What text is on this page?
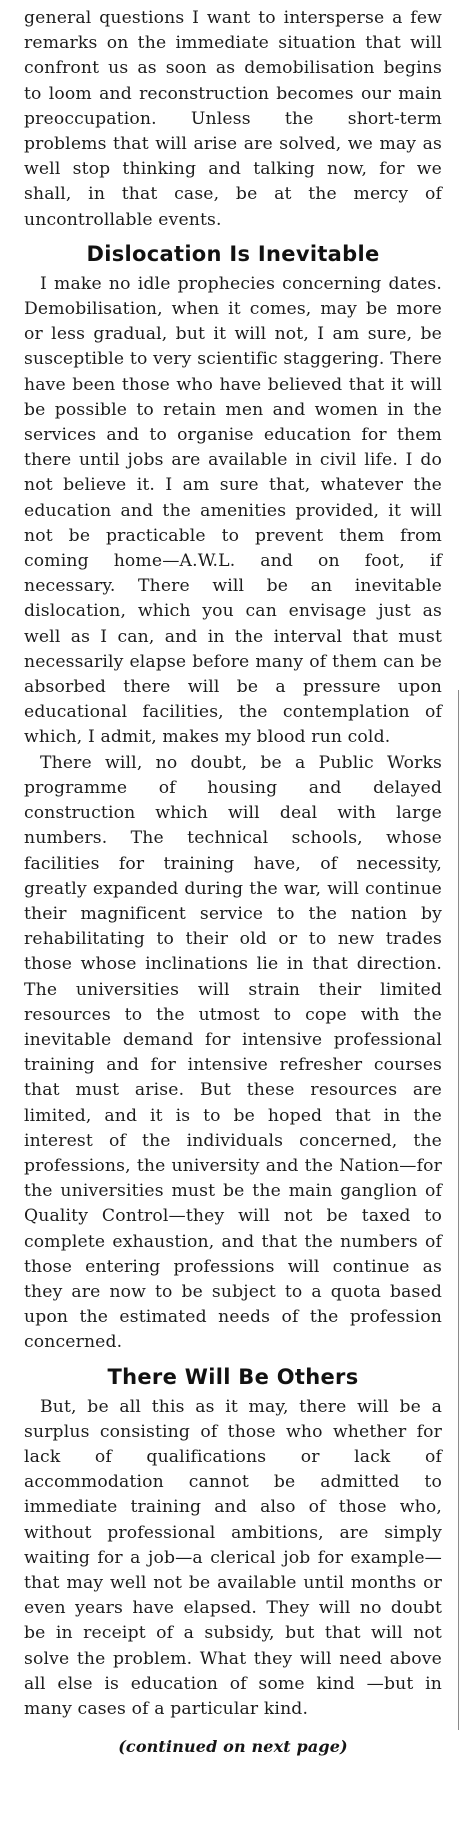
general questions I want to intersperse a few remarks on the immediate situation that will confront us as soon as demobilisation begins to loom and reconstruction becomes our main preoccupation. Unless the short-term problems that will arise are solved, we may as well stop thinking and talking now, for we shall, in that case, be at the mercy of uncontrollable events.

Dislocation Is Inevitable

I make no idle prophecies concerning dates. Demobilisation, when it comes, may be more or less gradual, but it will not, I am sure, be susceptible to very scientific staggering. There have been those who have believed that it will be possible to retain men and women in the services and to organise education for them there until jobs are available in civil life. I do not believe it. I am sure that, whatever the education and the amenities provided, it will not be practicable to prevent them from coming home—A.W.L. and on foot, if necessary. There will be an inevitable dislocation, which you can envisage just as well as I can, and in the interval that must necessarily elapse before many of them can be absorbed there will be a pressure upon educational facilities, the contemplation of which, I admit, makes my blood run cold.

There will, no doubt, be a Public Works programme of housing and delayed construction which will deal with large numbers. The technical schools, whose facilities for training have, of necessity, greatly expanded during the war, will continue their magnificent service to the nation by rehabilitating to their old or to new trades those whose inclinations lie in that direction. The universities will strain their limited resources to the utmost to cope with the inevitable demand for intensive professional training and for intensive refresher courses that must arise. But these resources are limited, and it is to be hoped that in the interest of the individuals concerned, the professions, the university and the Nation—for the universities must be the main ganglion of Quality Control—they will not be taxed to complete exhaustion, and that the numbers of those entering professions will continue as they are now to be subject to a quota based upon the estimated needs of the profession concerned.

There Will Be Others

But, be all this as it may, there will be a surplus consisting of those who whether for lack of qualifications or lack of accommodation cannot be admitted to immediate training and also of those who, without professional ambitions, are simply waiting for a job—a clerical job for example—that may well not be available until months or even years have elapsed. They will no doubt be in receipt of a subsidy, but that will not solve the problem. What they will need above all else is education of some kind —but in many cases of a particular kind.

(continued on next page)
